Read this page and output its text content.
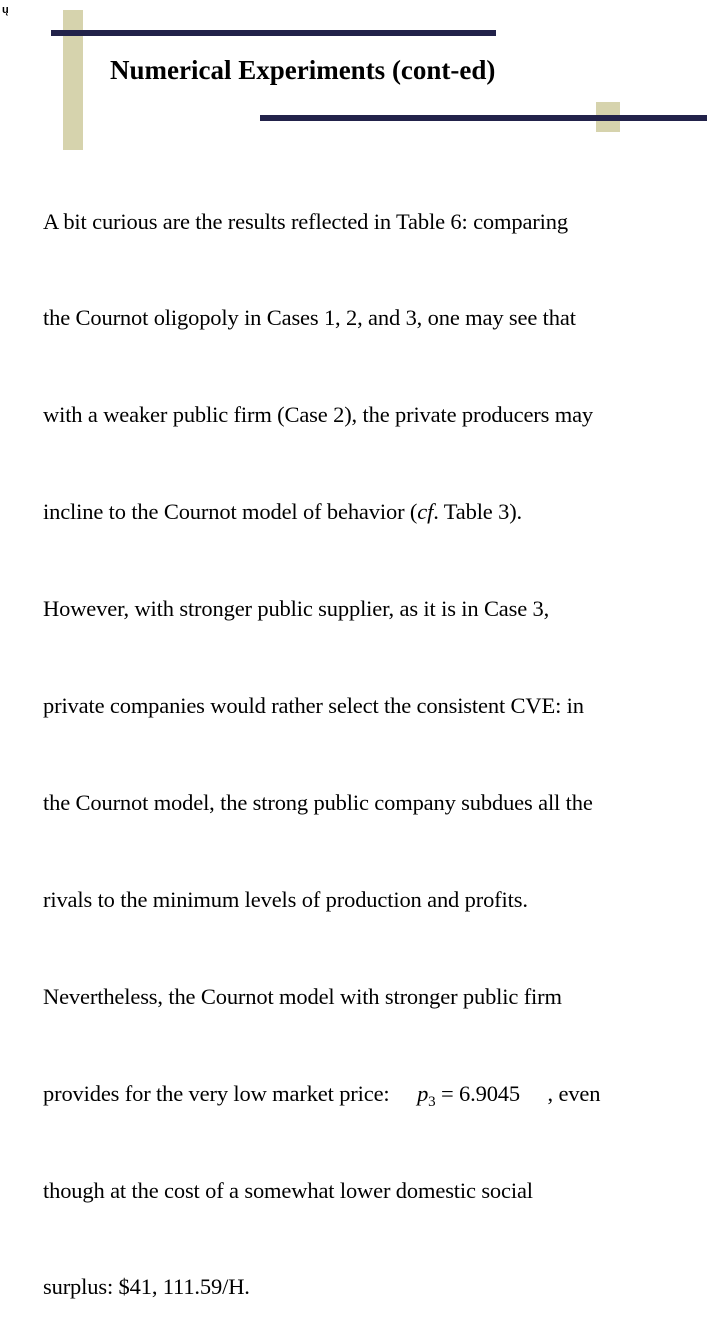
ų
Numerical Experiments (cont-ed)

A bit curious are the results reflected in Table 6: comparing

the Cournot oligopoly in Cases 1, 2, and 3, one may see that

with a weaker public firm (Case 2), the private producers may

incline to the Cournot model of behavior (cf. Table 3).

However, with stronger public supplier, as it is in Case 3,

private companies would rather select the consistent CVE: in

the Cournot model, the strong public company subdues all the

rivals to the minimum levels of production and profits.

Nevertheless, the Cournot model with stronger public firm

provides for the very low market price: $p_3 = 6.9045$ , even

though at the cost of a somewhat lower domestic social

surplus: $41, 111.59/H.
